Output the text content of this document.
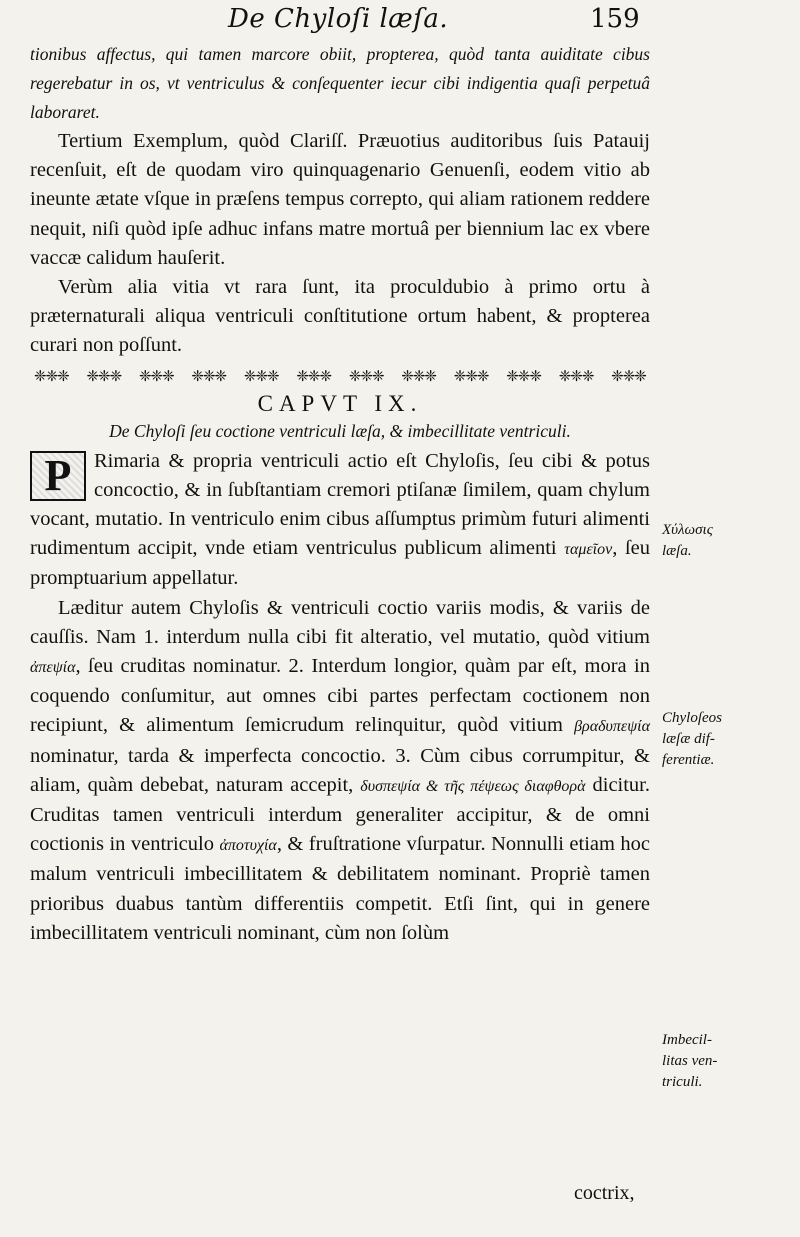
De Chyloſi læſa.	159

tionibus affectus, qui tamen marcore obiit, propterea, quòd tanta auiditate cibus regerebatur in os, vt ventriculus & conſequenter iecur cibi indigentia quaſi perpetuâ laboraret.

Tertium Exemplum, quòd Clariſſ. Præuotius auditoribus ſuis Patauij recenſuit, eſt de quodam viro quinquagenario Genuenſi, eodem vitio ab ineunte ætate vſque in præſens tempus correpto, qui aliam rationem reddere nequit, niſi quòd ipſe adhuc infans matre mortuâ per biennium lac ex vbere vaccæ calidum hauſerit.

Verùm alia vitia vt rara ſunt, ita proculdubio à primo ortu à præternaturali aliqua ventriculi conſtitutione ortum habent, & propterea curari non poſſunt.

❈❈❈ ❈❈❈ ❈❈❈ ❈❈❈ ❈❈❈ ❈❈❈ ❈❈❈ ❈❈❈ ❈❈❈ ❈❈❈ ❈❈❈ ❈❈❈
CAPVT IX.
De Chyloſi ſeu coctione ventriculi læſa, & imbecillitate ventriculi.
P	Rimaria & propria ventriculi actio eſt Chyloſis, ſeu cibi & potus concoctio, & in ſubſtantiam cremori ptiſanæ ſimilem, quam chylum vocant, mutatio. In ventriculo enim cibus aſſumptus primùm futuri alimenti rudimentum accipit, vnde etiam ventriculus publicum alimenti ταμεῖον, ſeu promptuarium appellatur.

Læditur autem Chyloſis & ventriculi coctio variis modis, & variis de cauſſis. Nam 1. interdum nulla cibi fit alteratio, vel mutatio, quòd vitium ἀπεψία, ſeu cruditas nominatur. 2. Interdum longior, quàm par eſt, mora in coquendo conſumitur, aut omnes cibi partes perfectam coctionem non recipiunt, & alimentum ſemicrudum relinquitur, quòd vitium βραδυπεψία nominatur, tarda & imperfecta concoctio. 3. Cùm cibus corrumpitur, & aliam, quàm debebat, naturam accepit, δυσπεψία & τῆς πέψεως διαφθορὰ dicitur. Cruditas tamen ventriculi interdum generaliter accipitur, & de omni coctionis in ventriculo ἀποτυχία, & fruſtratione vſurpatur. Nonnulli etiam hoc malum ventriculi imbecillitatem & debilitatem nominant. Propriè tamen prioribus duabus tantùm differentiis competit. Etſi ſint, qui in genere imbecillitatem ventriculi nominant, cùm non ſolùm

Χύλωσις
læſa.
Chyloſeos
læſæ dif-
ferentiæ.
Imbecil-
litas ven-
triculi.
coctrix,
